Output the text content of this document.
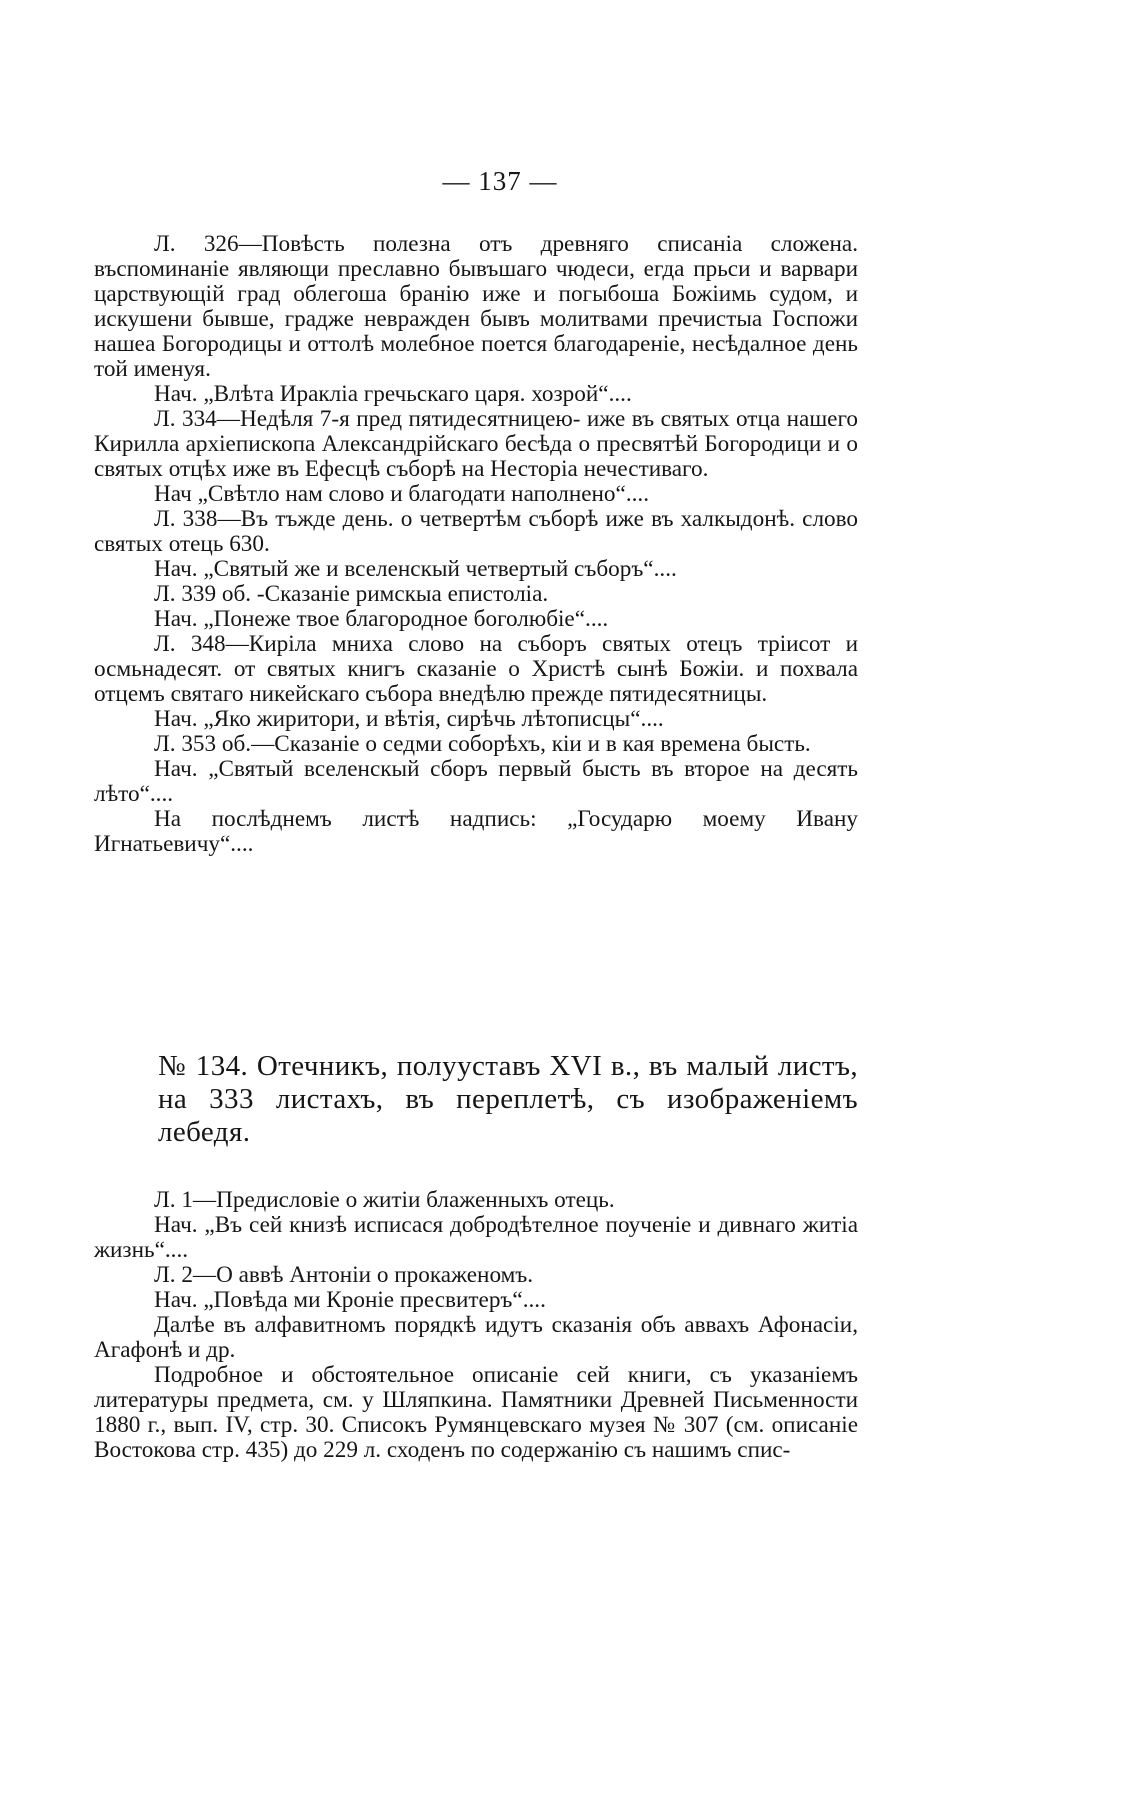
— 137 —

Л. 326—Повѣсть полезна отъ древняго списаніа сложена. въспоминаніе являющи преславно бывъшаго чюдеси, егда прьси и варвари царствующій град облегоша бранію иже и погыбоша Божіимь судом, и искушени бывше, градже невражден бывъ молитвами пречистыа Госпожи нашеа Богородицы и оттолѣ молебное поется благодареніе, несѣдалное день той именуя.

Нач. „Влѣта Ираклiа гречьскаго царя. хозрой“....

Л. 334—Недѣля 7-я пред пятидесятницею- иже въ святых отца нашего Кирилла архіепископа Александрійскаго бесѣда о пресвятѣй Богородици и о святых отцѣх иже въ Ефесцѣ съборѣ на Несторіа нечестиваго.

Нач „Свѣтло нам слово и благодати наполнено“....

Л. 338—Въ тъжде день. о четвертѣм съборѣ иже въ халкыдонѣ. слово святых отець 630.

Нач. „Святый же и вселенскый четвертый съборъ“....

Л. 339 об. -Сказаніе римскыа епистоліа.

Нач. „Понеже твое благородное боголюбіе“....

Л. 348—Киріла мниха слово на съборъ святых отецъ тріисот и осмьнадесят. от святых книгъ сказаніе о Христѣ сынѣ Божіи. и похвала отцемъ святаго никейскаго събора внедѣлю прежде пятидесятницы.

Нач. „Яко жиритори, и вѣтія, сирѣчь лѣтописцы“....

Л. 353 об.—Сказаніе о седми соборѣхъ, кіи и в кая времена бысть.

Нач. „Святый вселенскый сборъ первый бысть въ второе на десять лѣто“....

На послѣднемъ листѣ надпись: „Государю моему Ивану Игнатьевичу“....

№ 134. Отечникъ, полууставъ XVI в., въ малый листъ, на 333 листахъ, въ переплетѣ, съ изображеніемъ лебедя.

Л. 1—Предисловіе о житіи блаженныхъ отець.

Нач. „Въ сей книзѣ исписася добродѣтелное поученіе и дивнаго житіа жизнь“....

Л. 2—О аввѣ Антоніи о прокаженомъ.

Нач. „Повѣда ми Кроніе пресвитеръ“....

Далѣе въ алфавитномъ порядкѣ идутъ сказанія объ аввахъ Афонасіи, Агафонѣ и др.

Подробное и обстоятельное описаніе сей книги, съ указаніемъ литературы предмета, см. у Шляпкина. Памятники Древней Письменности 1880 г., вып. IV, стр. 30. Списокъ Румянцевскаго музея № 307 (см. описаніе Востокова стр. 435) до 229 л. сходенъ по содержанію съ нашимъ спис-
